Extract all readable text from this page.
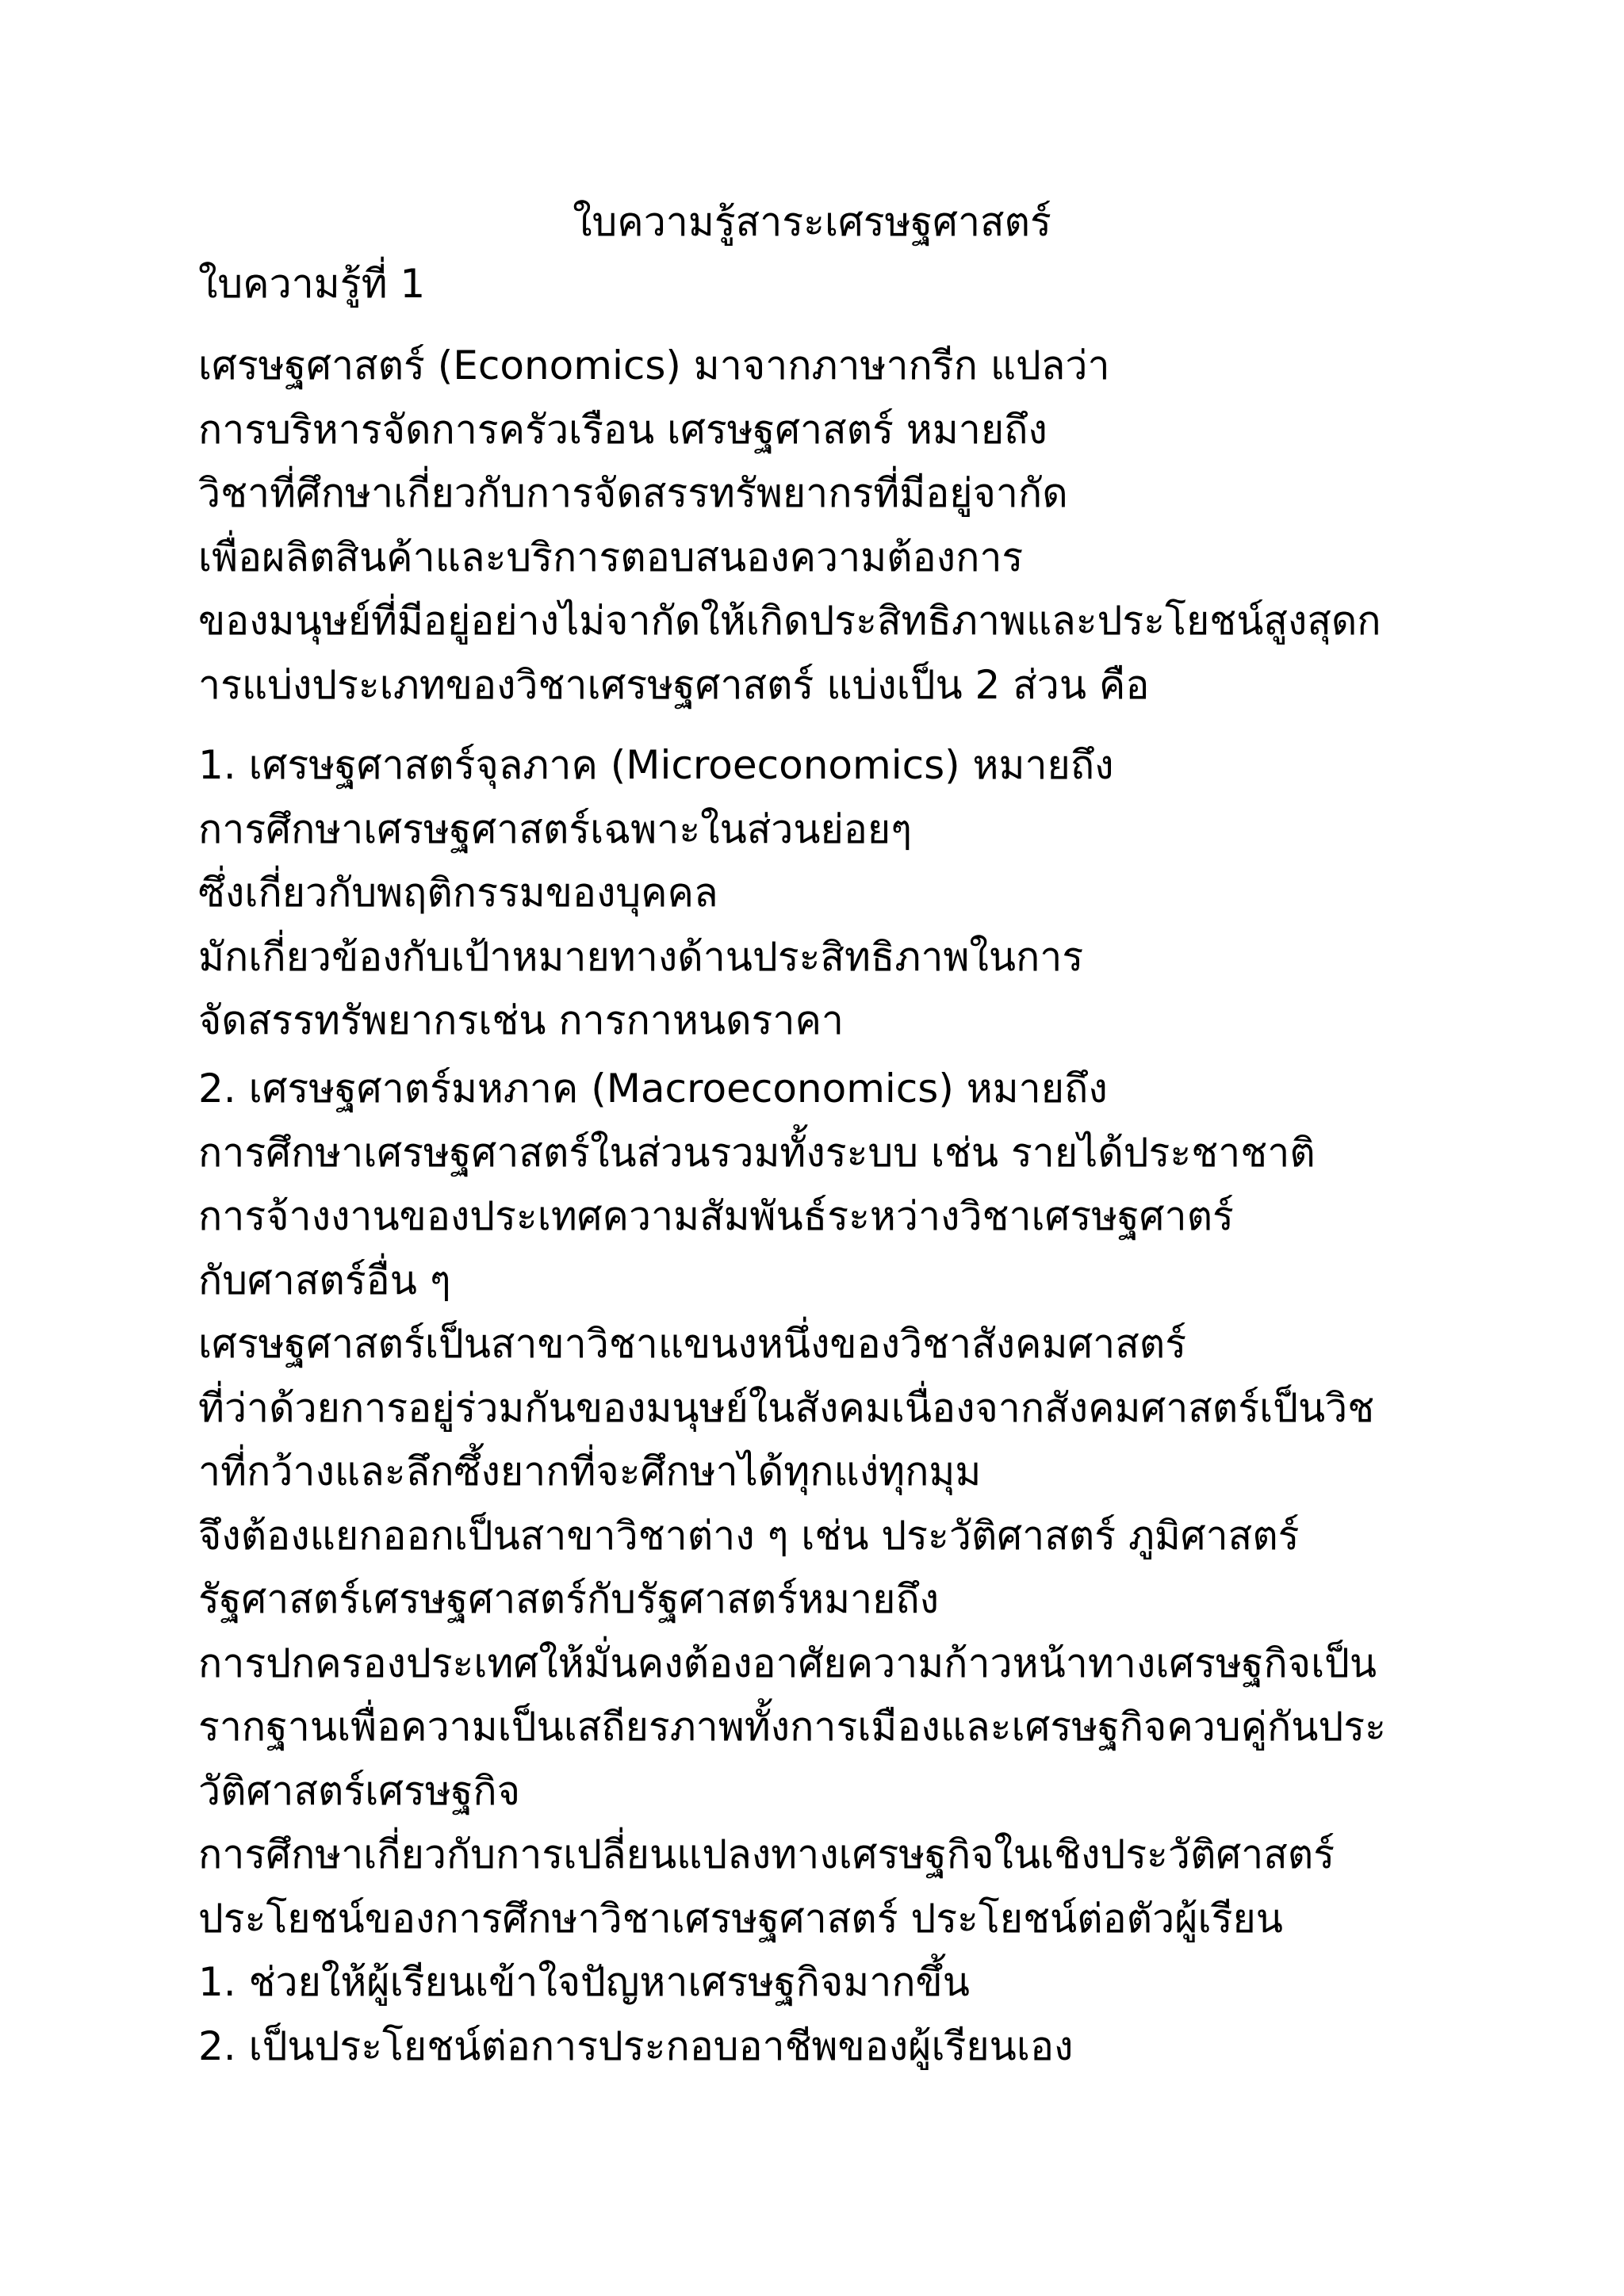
ใบความรู้สาระเศรษฐศาสตร์
ใบความรู้ที่ 1
เศรษฐศาสตร์ (Economics) มาจากภาษากรีก แปลว่า
การบริหารจัดการครัวเรือน เศรษฐศาสตร์ หมายถึง
วิชาที่ศึกษาเกี่ยวกับการจัดสรรทรัพยากรที่มีอยู่จากัด
เพื่อผลิตสินค้าและบริการตอบสนองความต้องการ
ของมนุษย์ที่มีอยู่อย่างไม่จากัดให้เกิดประสิทธิภาพและประโยชน์สูงสุดก
ารแบ่งประเภทของวิชาเศรษฐศาสตร์ แบ่งเป็น 2 ส่วน คือ
1. เศรษฐศาสตร์จุลภาค (Microeconomics) หมายถึง
การศึกษาเศรษฐศาสตร์เฉพาะในส่วนย่อยๆ
ซึ่งเกี่ยวกับพฤติกรรมของบุคคล
มักเกี่ยวข้องกับเป้าหมายทางด้านประสิทธิภาพในการ
จัดสรรทรัพยากรเช่น การกาหนดราคา
2. เศรษฐศาตร์มหภาค (Macroeconomics) หมายถึง
การศึกษาเศรษฐศาสตร์ในส่วนรวมทั้งระบบ เช่น รายได้ประชาชาติ
การจ้างงานของประเทศความสัมพันธ์ระหว่างวิชาเศรษฐศาตร์
กับศาสตร์อื่น ๆ
เศรษฐศาสตร์เป็นสาขาวิชาแขนงหนึ่งของวิชาสังคมศาสตร์
ที่ว่าด้วยการอยู่ร่วมกันของมนุษย์ในสังคมเนื่องจากสังคมศาสตร์เป็นวิช
าที่กว้างและลึกซึ้งยากที่จะศึกษาได้ทุกแง่ทุกมุม
จึงต้องแยกออกเป็นสาขาวิชาต่าง ๆ เช่น ประวัติศาสตร์ ภูมิศาสตร์
รัฐศาสตร์เศรษฐศาสตร์กับรัฐศาสตร์หมายถึง
การปกครองประเทศให้มั่นคงต้องอาศัยความก้าวหน้าทางเศรษฐกิจเป็น
รากฐานเพื่อความเป็นเสถียรภาพทั้งการเมืองและเศรษฐกิจควบคู่กันประ
วัติศาสตร์เศรษฐกิจ
การศึกษาเกี่ยวกับการเปลี่ยนแปลงทางเศรษฐกิจในเชิงประวัติศาสตร์
ประโยชน์ของการศึกษาวิชาเศรษฐศาสตร์ ประโยชน์ต่อตัวผู้เรียน
1. ช่วยให้ผู้เรียนเข้าใจปัญหาเศรษฐกิจมากขึ้น
2. เป็นประโยชน์ต่อการประกอบอาชีพของผู้เรียนเอง
